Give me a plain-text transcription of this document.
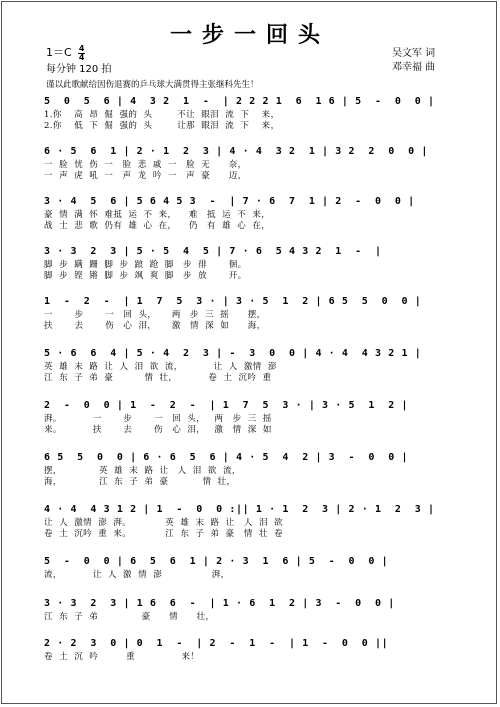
一步一回头
$1=C \frac{4}{4}$
每分钟 120 拍
吴文军 词
邓幸福 曲
谨以此歌献给因伤退赛的乒乓球大满贯得主张继科先生！
5  0  5  6 | 4  3 2  1  -  | 2 2 2 1  6  1 6 | 5  -  0  0 |
1.你    高  昂  倔  强的  头        不让  眼泪  流  下    来，
2.你    低  下  倔  强的  头        让那  眼泪  流  下    来，
6 · 5  6  1 | 2 · 1  2  3 | 4 · 4  3 2  1 | 3 2  2  0  0 |
一  脸  忧  伤  一   脸  悲  戚  一   脸  无      奈，
一  声  虎  吼  一   声  龙  吟  一   声  豪      迈，
3 · 4  5  6 | 5 6 4 5 3  -  | 7 · 6  7  1 | 2  -  0  0 |
豪  情  满  怀  难抵  运  不  来，    难   抵  运  不  来，
战  士  悲  歌  仍有  雄  心  在，    仍   有  雄  心  在，
3 · 3  2  3 | 5 · 5  4  5 | 7 · 6  5 4 3 2  1  -  |
脚  步  蹒  跚  脚  步  踉  跄  脚   步  徘       徊。
脚  步  铿  锵  脚  步  飒  爽  脚   步  放       开。
1  -  2  -  | 1  7  5  3 · | 3 · 5  1  2 | 6 5  5  0  0 |
一       步       一   回  头，     两   步  三  摇      摆，
扶       去       伤   心  泪，     激   情  深  如      海，
5 · 6  6  4 | 5 · 4  2  3 | -  3  0  0 | 4 · 4  4 3 2 1 |
英  雄  末  路  让  人  泪  欲  流，          让  人  激情  澎
江  东  子  弟  豪          情  壮，          卷  土  沉吟  重
2  -  0  0 | 1  -  2  -  | 1  7  5  3 · | 3 · 5  1  2 |
湃。          一       步       一   回  头，   两   步  三  摇
来。          扶       去       伤   心  泪，   激   情  深  如
6 5  5  0  0 | 6 · 6  5  6 | 4 · 5  4  2 | 3  -  0  0 |
摆，            英  雄  末  路  让   人  泪  欲  流，
海，            江  东  子  弟  豪           情  壮，
4 · 4  4 3 1 2 | 1  -  0  0 :|| 1 · 1  2  3 | 2 · 1  2  3 |
让  人  激情  澎  湃。           英  雄  末  路  让   人  泪  欲
卷  土  沉吟  重  来。           江  东  子  弟  豪   情  壮  卷
5  -  0  0 | 6  5  6  1 | 2 · 3  1  6 | 5  -  0  0 |
流，          让  人  激  情  澎                湃，
3 · 3  2  3 | 1 6  6  -  | 1 · 6  1  2 | 3  -  0  0 |
江  东  子  弟              豪      情      壮，
2 · 2  3  0 | 0  1  -  | 2  -  1  -  | 1  -  0  0 ||
卷  土  沉  吟         重               来！
